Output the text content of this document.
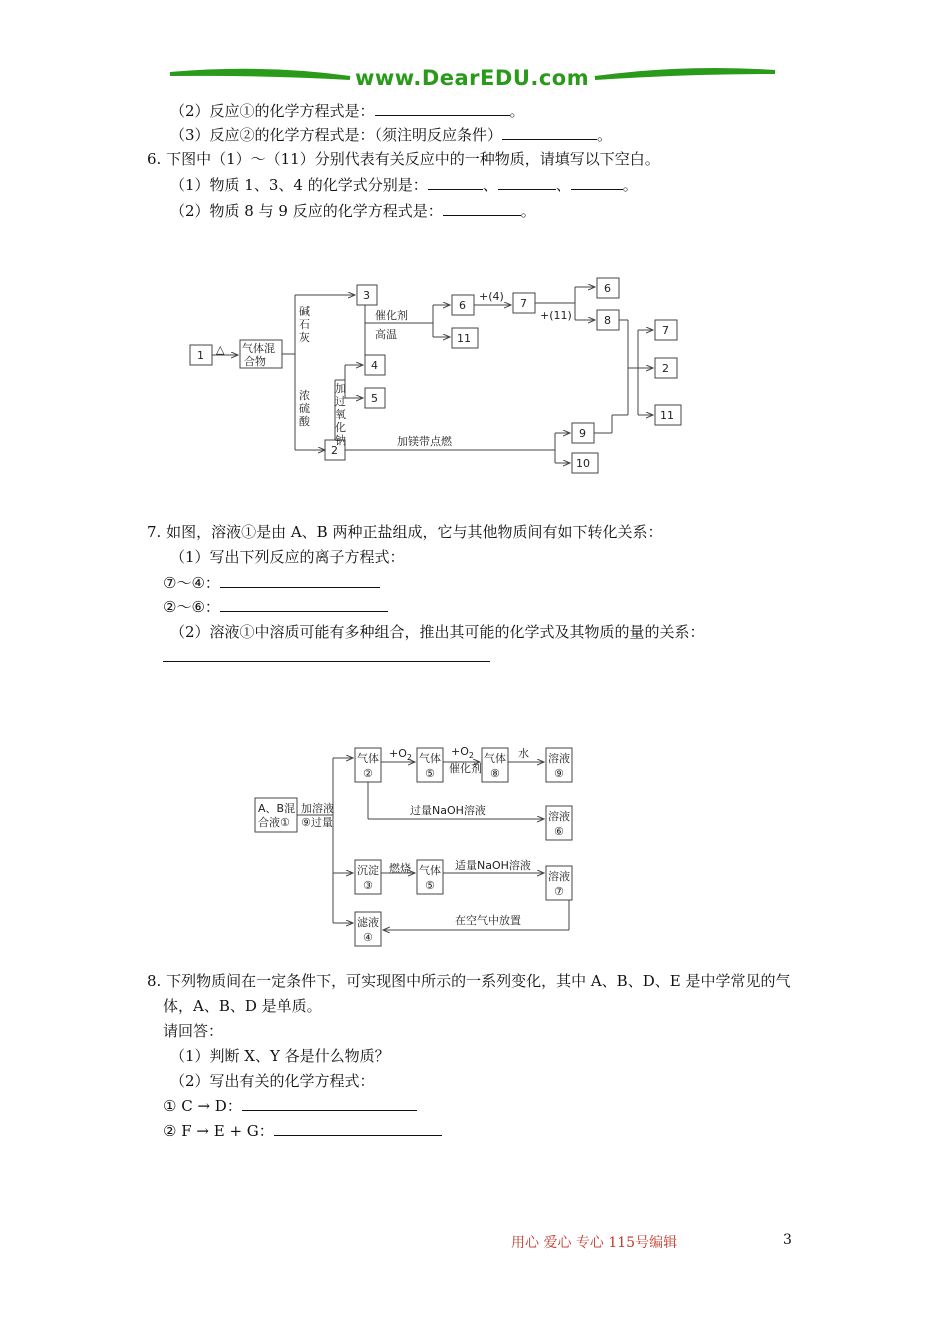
www.DearEDU.com
（2）反应①的化学方程式是：	。
（3）反应②的化学方程式是：（须注明反应条件）	。
6. 下图中（1）～（11）分别代表有关反应中的一种物质，请填写以下空白。
（1）物质 1、3、4 的化学式分别是：	、	、	。
（2）物质 8 与 9 反应的化学方程式是：	。
1 △ 气体混
合物
3
2
4
5
6
11
7
6
8
9
10
7
2
11
碱
石
灰
浓
硫
酸
加
过
氧
化
钠
催化剂
高温
+(4)
+(11)
加镁带点燃
7. 如图，溶液①是由 A、B 两种正盐组成，它与其他物质间有如下转化关系：
（1）写出下列反应的离子方程式：
⑦～④：
②～⑥：
（2）溶液①中溶质可能有多种组合，推出其可能的化学式及其物质的量的关系：
A、B混
合液①
加溶液
⑨过量
气体
②
气体
⑤
气体
⑧
溶液
⑨
溶液
⑥
沉淀
③
气体
⑤
溶液
⑦
滤液
④
$+O_2$	$+O_2$
催化剂
水
过量NaOH溶液
燃烧	适量NaOH溶液
在空气中放置
8. 下列物质间在一定条件下，可实现图中所示的一系列变化，其中 A、B、D、E 是中学常见的气
体，A、B、D 是单质。
请回答：
（1）判断 X、Y 各是什么物质？
（2）写出有关的化学方程式：
① C → D：
② F → E + G：
用心 爱心 专心 115号编辑	3
